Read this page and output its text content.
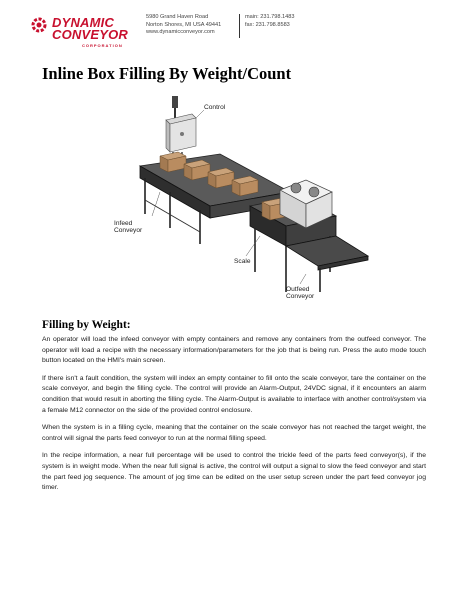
DYNAMIC
CONVEYOR
CORPORATION
5980 Grand Haven Road
Norton Shores, MI USA 49441
www.dynamicconveyor.com
main: 231.798.1483
fax: 231.798.8583
Inline Box Filling By Weight/Count
Control
Infeed
Conveyor
Scale
Outfeed
Conveyor
Filling by Weight:

An operator will load the infeed conveyor with empty containers and remove any containers from the outfeed conveyor. The operator will load a recipe with the necessary information/parameters for the job that is being run. Press the auto mode touch button located on the HMI's main screen.

If there isn't a fault condition, the system will index an empty container to fill onto the scale conveyor, tare the container on the scale conveyor, and begin the filling cycle. The control will provide an Alarm-Output, 24VDC signal, if it encounters an alarm condition that would result in aborting the filling cycle. The Alarm-Output is available to interface with another control/system via a female M12 connector on the side of the provided control enclosure.

When the system is in a filling cycle, meaning that the container on the scale conveyor has not reached the target weight, the control will signal the parts feed conveyor to run at the normal filling speed.

In the recipe information, a near full percentage will be used to control the trickle feed of the parts feed conveyor(s), if the system is in weight mode. When the near full signal is active, the control will output a signal to slow the feed conveyor and start the part feed jog sequence. The amount of jog time can be edited on the user setup screen under the part feed conveyor jog timer.
